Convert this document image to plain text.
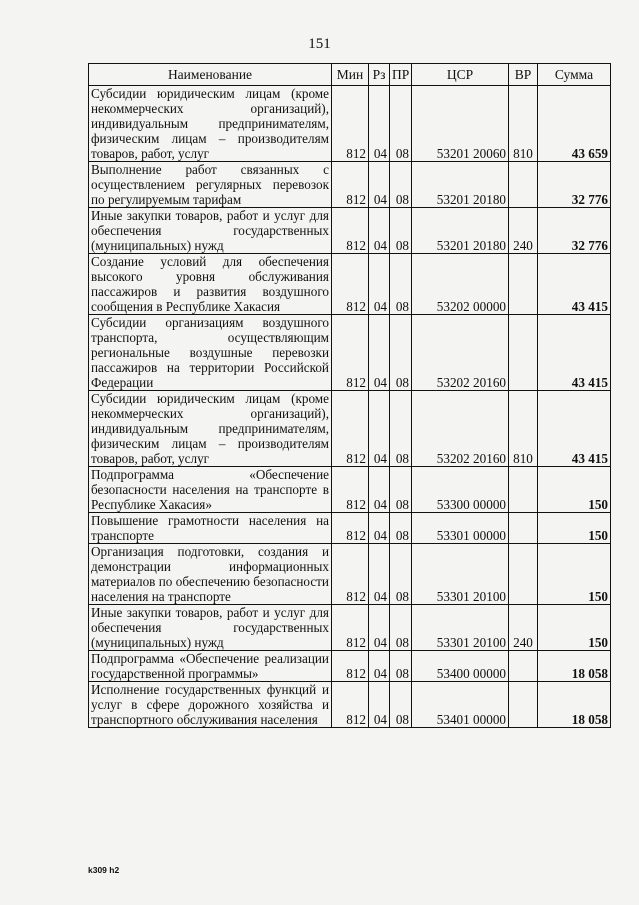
151
Наименование	Мин	Рз	ПР	ЦСР	ВР	Сумма
Субсидии юридическим лицам (кроме некоммерческих организаций), индивидуальным предпринимателям, физическим лицам – производителям товаров, работ, услуг	812	04	08	53201 20060	810	43 659
Выполнение работ связанных с осуществлением регулярных перевозок по регулируемым тарифам	812	04	08	53201 20180		32 776
Иные закупки товаров, работ и услуг для обеспечения государственных (муниципальных) нужд	812	04	08	53201 20180	240	32 776
Создание условий для обеспечения высокого уровня обслуживания пассажиров и развития воздушного сообщения в Республике Хакасия	812	04	08	53202 00000		43 415
Субсидии организациям воздушного транспорта, осуществляющим региональные воздушные перевозки пассажиров на территории Российской Федерации	812	04	08	53202 20160		43 415
Субсидии юридическим лицам (кроме некоммерческих организаций), индивидуальным предпринимателям, физическим лицам – производителям товаров, работ, услуг	812	04	08	53202 20160	810	43 415
Подпрограмма «Обеспечение безопасности населения на транспорте в Республике Хакасия»	812	04	08	53300 00000		150
Повышение грамотности населения на транспорте	812	04	08	53301 00000		150
Организация подготовки, создания и демонстрации информационных материалов по обеспечению безопасности населения на транспорте	812	04	08	53301 20100		150
Иные закупки товаров, работ и услуг для обеспечения государственных (муниципальных) нужд	812	04	08	53301 20100	240	150
Подпрограмма «Обеспечение реализации государственной программы»	812	04	08	53400 00000		18 058
Исполнение государственных функций и услуг в сфере дорожного хозяйства и транспортного обслуживания населения	812	04	08	53401 00000		18 058
k309 h2
